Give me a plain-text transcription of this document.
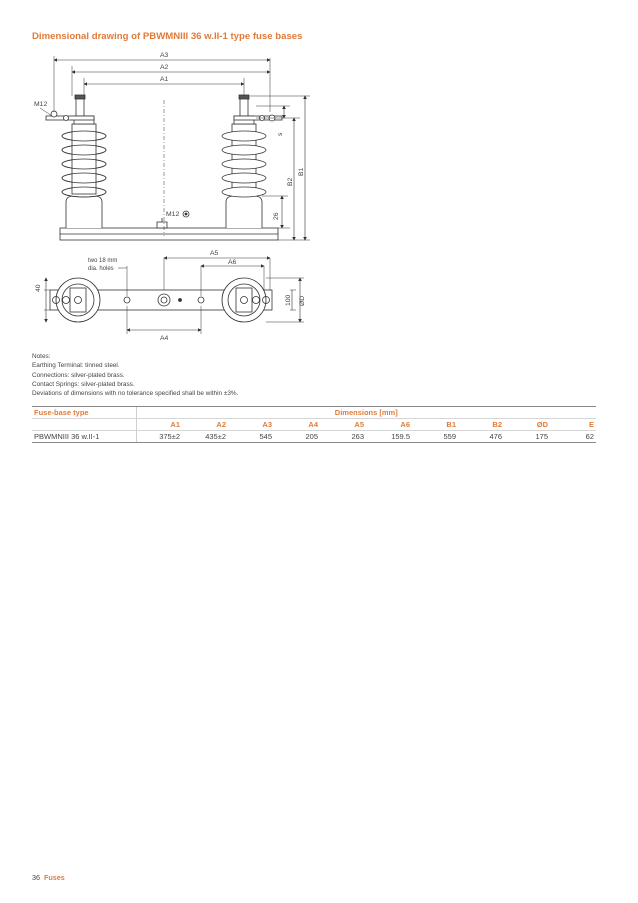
Dimensional drawing of PBWMNIII 36 w.II-1 type fuse bases
A3
A2
A1
M12
M12
B1
B2
s
26
A5
A6
A4
two 18 mm
dia. holes
40
100 ØD
Notes:
Earthing Terminal: tinned steel.
Connections: silver-plated brass.
Contact Springs: silver-plated brass.
Deviations of dimensions with no tolerance specified shall be within ±3%.
Fuse-base type	Dimensions [mm]									
	A1	A2	A3	A4	A5	A6	B1	B2	ØD	E
PBWMNIII 36 w.II-1	375±2	435±2	545	205	263	159.5	559	476	175	62
36 Fuses
